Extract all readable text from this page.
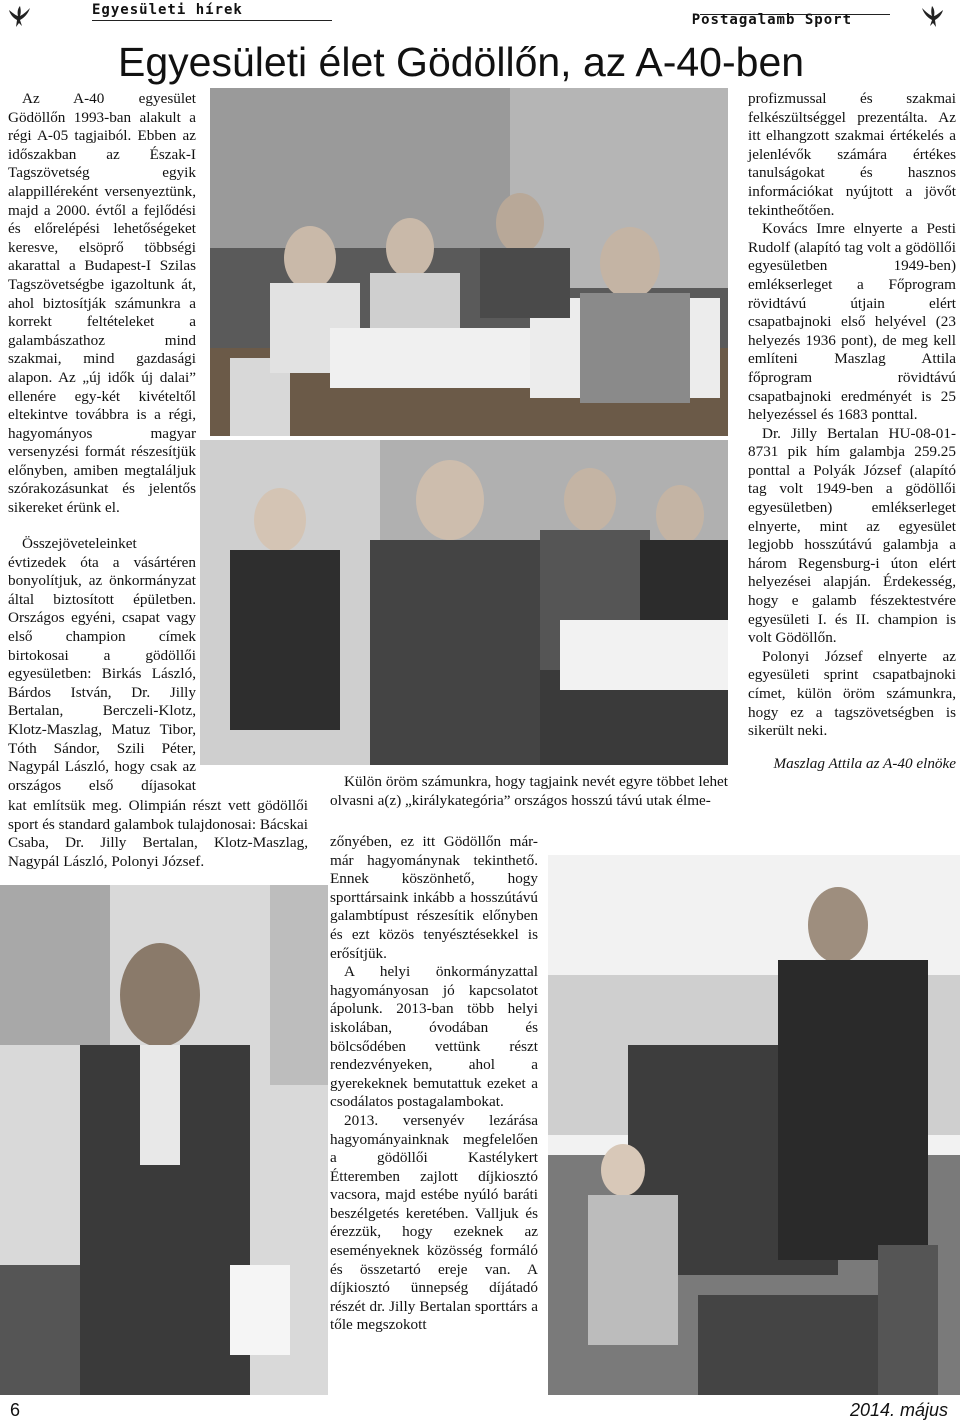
Egyesületi hírek
Postagalamb Sport
Egyesületi élet Gödöllőn, az A-40-ben

Az A-40 egyesület Gödöllőn 1993-ban alakult a régi A-05 tagjaiból. Ebben az időszakban az Észak-I Tagszövetség egyik alappilléreként versenyeztünk, majd a 2000. évtől a fejlődési és előrelépési lehetőségeket keresve, elsöprő többségi akarattal a Budapest-I Szilas Tagszövetségbe igazoltunk át, ahol biztosítják számunkra a korrekt feltételeket a galambászathoz mind szakmai, mind gazdasági alapon. Az „új idők új dalai” ellenére egy-két kivételtől eltekintve továbbra is a régi, hagyományos magyar versenyzési formát részesítjük előnyben, amiben megtaláljuk szórakozásunkat és jelentős sikereket érünk el.

Összejöveteleinket évtizedek óta a vásártéren bonyolítjuk, az önkormányzat által biztosított épületben. Országos egyéni, csapat vagy első champion címek birtokosai a gödöllői egyesületben: Birkás László, Bárdos István, Dr. Jilly Bertalan, Berczeli-Klotz, Klotz-Maszlag, Matuz Tibor, Tóth Sándor, Szili Péter, Nagypál László, hogy csak az országos első díjasokat

kat említsük meg. Olimpián részt vett gödöllői sport és standard galambok tulajdonosai: Bácskai Csaba, Dr. Jilly Bertalan, Klotz-Maszlag, Nagypál László, Polonyi József.

Külön öröm számunkra, hogy tagjaink nevét egyre többet lehet olvasni a(z) „királykategória” országos hosszú távú utak élme-

zőnyében, ez itt Gödöllőn már-már hagyománynak tekinthető. Ennek köszönhető, hogy sporttársaink inkább a hosszútávú galambtípust részesítik előnyben és ezt közös tenyésztésekkel is erősítjük.

A helyi önkormányzattal hagyományosan jó kapcsolatot ápolunk. 2013-ban több helyi iskolában, óvodában és bölcsődében vettünk részt rendezvényeken, ahol a gyerekeknek bemutattuk ezeket a csodálatos postagalambokat.

2013. versenyév lezárása hagyományainknak megfelelően a gödöllői Kastélykert Étteremben zajlott díjkiosztó vacsora, majd estébe nyúló baráti beszélgetés keretében. Valljuk és érezzük, hogy ezeknek az eseményeknek közösség formáló és összetartó ereje van. A díjkiosztó ünnepség díjátadó részét dr. Jilly Bertalan sporttárs a tőle megszokott

profizmussal és szakmai felkészültséggel prezentálta. Az itt elhangzott szakmai értékelés a jelenlévők számára értékes tanulságokat és hasznos információkat nyújtott a jövőt tekintheőtően.

Kovács Imre elnyerte a Pesti Rudolf (alapító tag volt a gödöllői egyesületben 1949-ben) emlékserleget a Főprogram rövidtávú útjain elért csapatbajnoki első helyével (23 helyezés 1936 pont), de meg kell említeni Maszlag Attila főprogram rövidtávú csapatbajnoki eredményét is 25 helyezéssel és 1683 ponttal.

Dr. Jilly Bertalan HU-08-01-8731 pik hím galambja 259.25 ponttal a Polyák József (alapító tag volt 1949-ben a gödöllői egyesületben) emlékserleget elnyerte, mint az egyesület legjobb hosszútávú galambja a három Regensburg-i úton elért helyezései alapján. Érdekesség, hogy e galamb fészektestvére egyesületi I. és II. champion is volt Gödöllőn.

Polonyi József elnyerte az egyesületi sprint csapatbajnoki címet, külön öröm számunkra, hogy ez a tagszövetségben is sikerült neki.

Maszlag Attila az A-40 elnöke

6	2014. május
